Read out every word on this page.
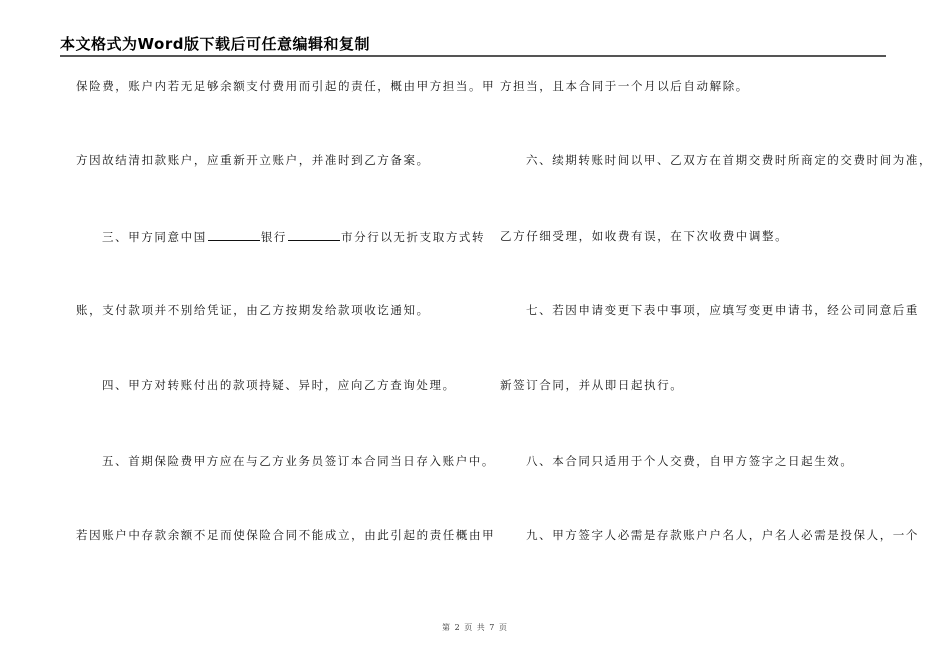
本文格式为Word版下载后可任意编辑和复制
保险费，账户内若无足够余额支付费用而引起的责任，概由甲方担当。甲
方因故结清扣款账户，应重新开立账户，并准时到乙方备案。
三、甲方同意中国	银行	市分行以无折支取方式转
账，支付款项并不别给凭证，由乙方按期发给款项收讫通知。
四、甲方对转账付出的款项持疑、异时，应向乙方查询处理。
五、首期保险费甲方应在与乙方业务员签订本合同当日存入账户中。
若因账户中存款余额不足而使保险合同不能成立，由此引起的责任概由甲
方担当，且本合同于一个月以后自动解除。
六、续期转账时间以甲、乙双方在首期交费时所商定的交费时间为准，
乙方仔细受理，如收费有误，在下次收费中调整。
七、若因申请变更下表中事项，应填写变更申请书，经公司同意后重
新签订合同，并从即日起执行。
八、本合同只适用于个人交费，自甲方签字之日起生效。
九、甲方签字人必需是存款账户户名人，户名人必需是投保人，一个
第 2 页 共 7 页
